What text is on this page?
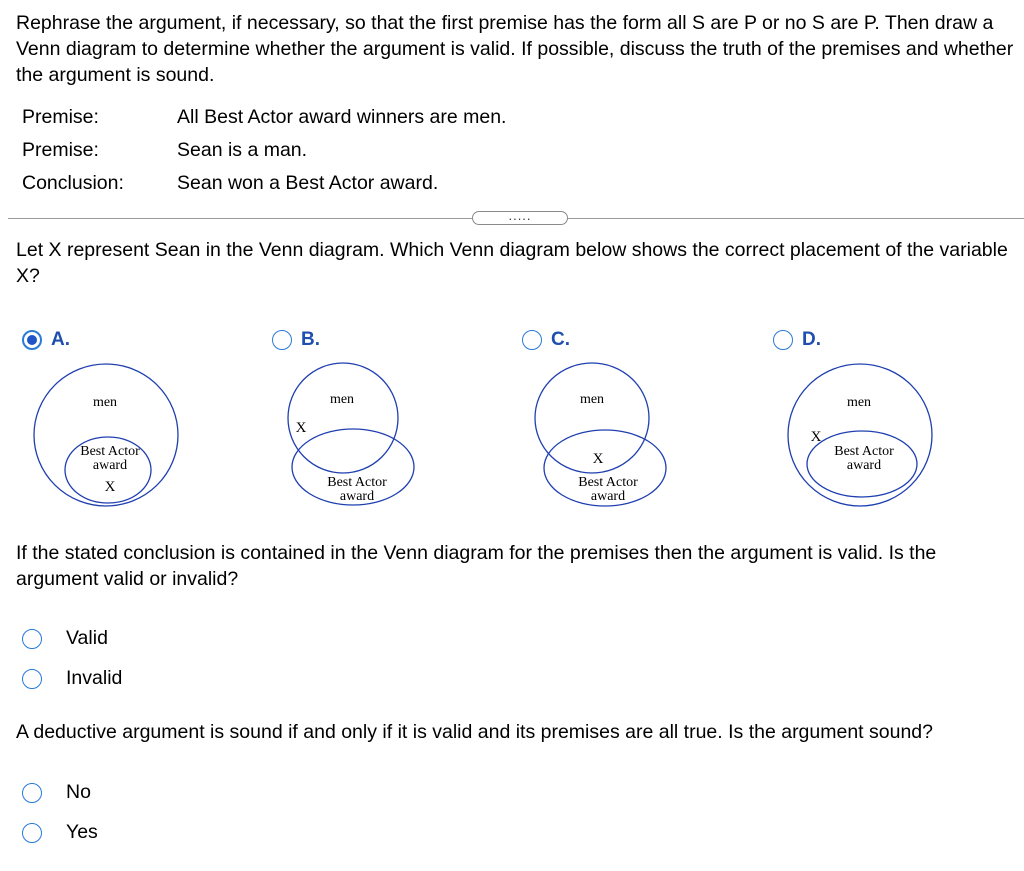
Rephrase the argument, if necessary, so that the first premise has the form all S are P or no S are P. Then draw a Venn diagram to determine whether the argument is valid. If possible, discuss the truth of the premises and whether the argument is sound.
Premise:	All Best Actor award winners are men.
Premise:	Sean is a man.
Conclusion:	Sean won a Best Actor award.
.....
Let X represent Sean in the Venn diagram. Which Venn diagram below shows the correct placement of the variable X?
A.	B.	C.	D.
men
Best Actor
award
X
men
X
Best Actor
award
men
X
Best Actor
award
men
X
Best Actor
award
If the stated conclusion is contained in the Venn diagram for the premises then the argument is valid. Is the argument valid or invalid?
Valid
Invalid
A deductive argument is sound if and only if it is valid and its premises are all true. Is the argument sound?
No
Yes
